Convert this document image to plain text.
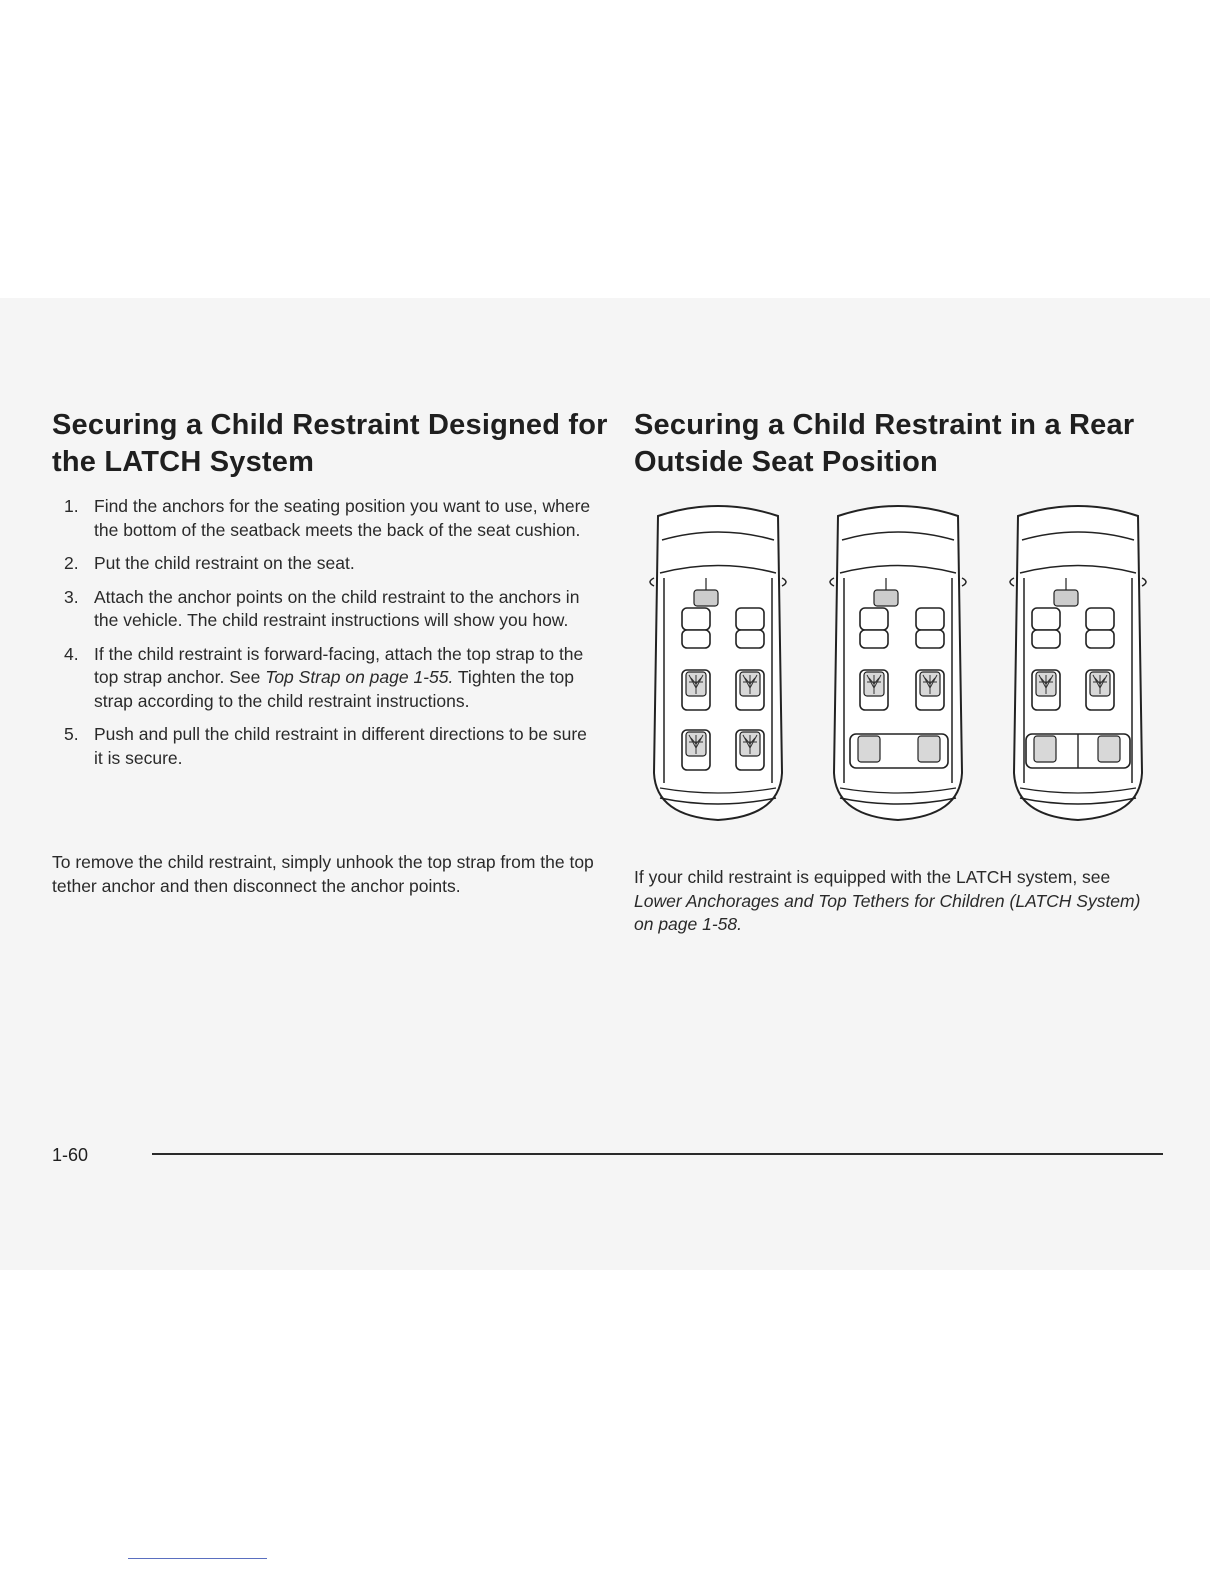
Securing a Child Restraint Designed for the LATCH System
1. Find the anchors for the seating position you want to use, where the bottom of the seatback meets the back of the seat cushion.
2. Put the child restraint on the seat.
3. Attach the anchor points on the child restraint to the anchors in the vehicle. The child restraint instructions will show you how.
4. If the child restraint is forward-facing, attach the top strap to the top strap anchor. See Top Strap on page 1-55. Tighten the top strap according to the child restraint instructions.
5. Push and pull the child restraint in different directions to be sure it is secure.

To remove the child restraint, simply unhook the top strap from the top tether anchor and then disconnect the anchor points.

Securing a Child Restraint in a Rear Outside Seat Position

If your child restraint is equipped with the LATCH system, see Lower Anchorages and Top Tethers for Children (LATCH System) on page 1-58.

1-60
